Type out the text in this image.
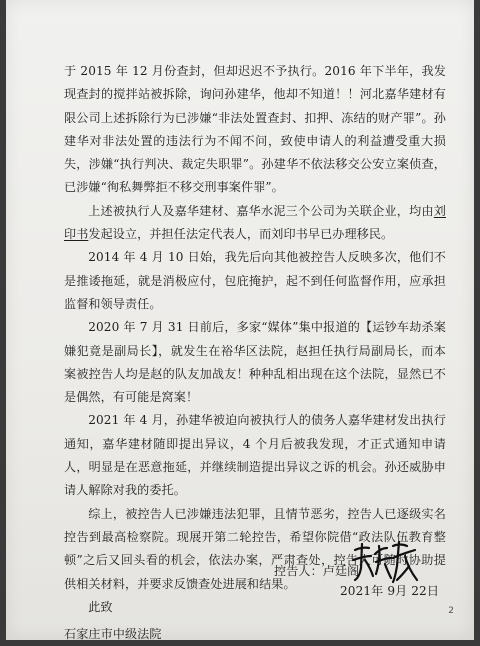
于 2015 年 12 月份查封，但却迟迟不予执行。2016 年下半年，我发现查封的搅拌站被拆除，询问孙建华，他却不知道！！河北嘉华建材有限公司上述拆除行为已涉嫌“非法处置查封、扣押、冻结的财产罪”。孙建华对非法处置的违法行为不闻不问，致使申请人的利益遭受重大损失，涉嫌“执行判决、裁定失职罪”。孙建华不依法移交公安立案侦查，已涉嫌“徇私舞弊拒不移交刑事案件罪”。

上述被执行人及嘉华建材、嘉华水泥三个公司为关联企业，均由刘印书发起设立，并担任法定代表人，而刘印书早已办理移民。

2014 年 4 月 10 日始，我先后向其他被控告人反映多次，他们不是推诿拖延，就是消极应付，包庇掩护，起不到任何监督作用，应承担监督和领导责任。

2020 年 7 月 31 日前后，多家“媒体”集中报道的【运钞车劫杀案嫌犯竟是副局长】，就发生在裕华区法院，赵担任执行局副局长，而本案被控告人均是赵的队友加战友！种种乱相出现在这个法院，显然已不是偶然，有可能是窝案！

2021 年 4 月，孙建华被迫向被执行人的债务人嘉华建材发出执行通知，嘉华建材随即提出异议，4 个月后被我发现，才正式通知申请人，明显是在恶意拖延，并继续制造提出异议之诉的机会。孙还威胁申请人解除对我的委托。

综上，被控告人已涉嫌违法犯罪，且情节恶劣，控告人已逐级实名控告到最高检察院。现展开第二轮控告，希望你院借“政法队伍教育整顿”之后又回头看的机会，依法办案，严肃查处，控告人可随时协助提供相关材料，并要求反馈查处进展和结果。

此致

石家庄市中级法院

控告人：卢廷阁
2021年 9月 22日
2
